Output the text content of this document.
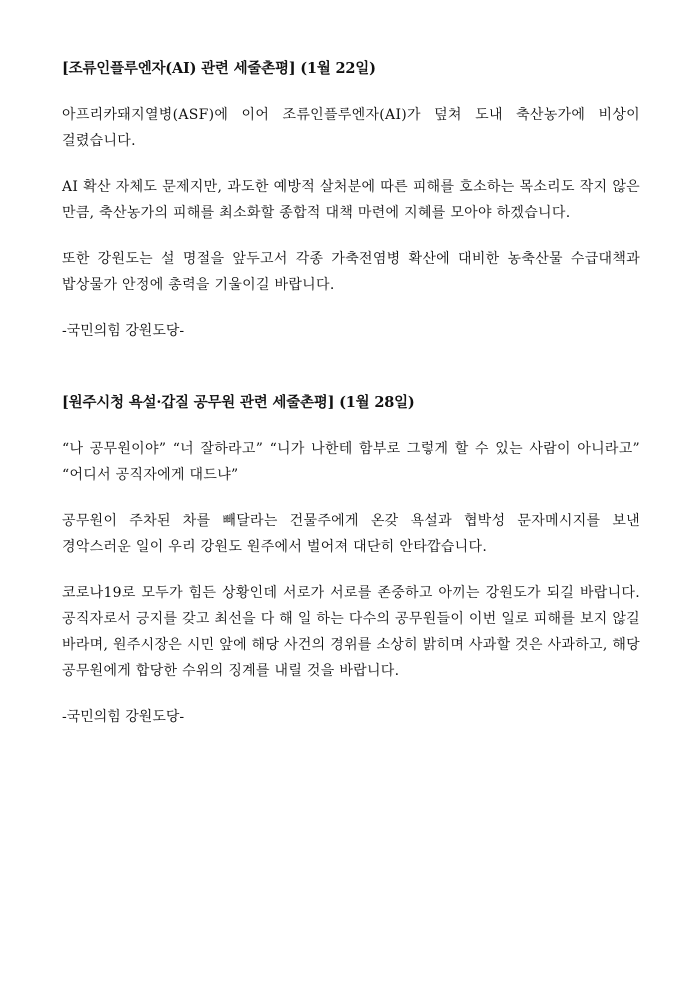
[조류인플루엔자(AI) 관련 세줄촌평] (1월 22일)

아프리카돼지열병(ASF)에 이어 조류인플루엔자(AI)가 덮쳐 도내 축산농가에 비상이 걸렸습니다.

AI 확산 자체도 문제지만, 과도한 예방적 살처분에 따른 피해를 호소하는 목소리도 작지 않은 만큼, 축산농가의 피해를 최소화할 종합적 대책 마련에 지혜를 모아야 하겠습니다.

또한 강원도는 설 명절을 앞두고서 각종 가축전염병 확산에 대비한 농축산물 수급대책과 밥상물가 안정에 총력을 기울이길 바랍니다.

-국민의힘 강원도당-

[원주시청 욕설·갑질 공무원 관련 세줄촌평] (1월 28일)

“나 공무원이야” “너 잘하라고” “니가 나한테 함부로 그렇게 할 수 있는 사람이 아니라고” “어디서 공직자에게 대드냐”

공무원이 주차된 차를 빼달라는 건물주에게 온갖 욕설과 협박성 문자메시지를 보낸 경악스러운 일이 우리 강원도 원주에서 벌어져 대단히 안타깝습니다.

코로나19로 모두가 힘든 상황인데 서로가 서로를 존중하고 아끼는 강원도가 되길 바랍니다. 공직자로서 긍지를 갖고 최선을 다 해 일 하는 다수의 공무원들이 이번 일로 피해를 보지 않길 바라며, 원주시장은 시민 앞에 해당 사건의 경위를 소상히 밝히며 사과할 것은 사과하고, 해당 공무원에게 합당한 수위의 징계를 내릴 것을 바랍니다.

-국민의힘 강원도당-
